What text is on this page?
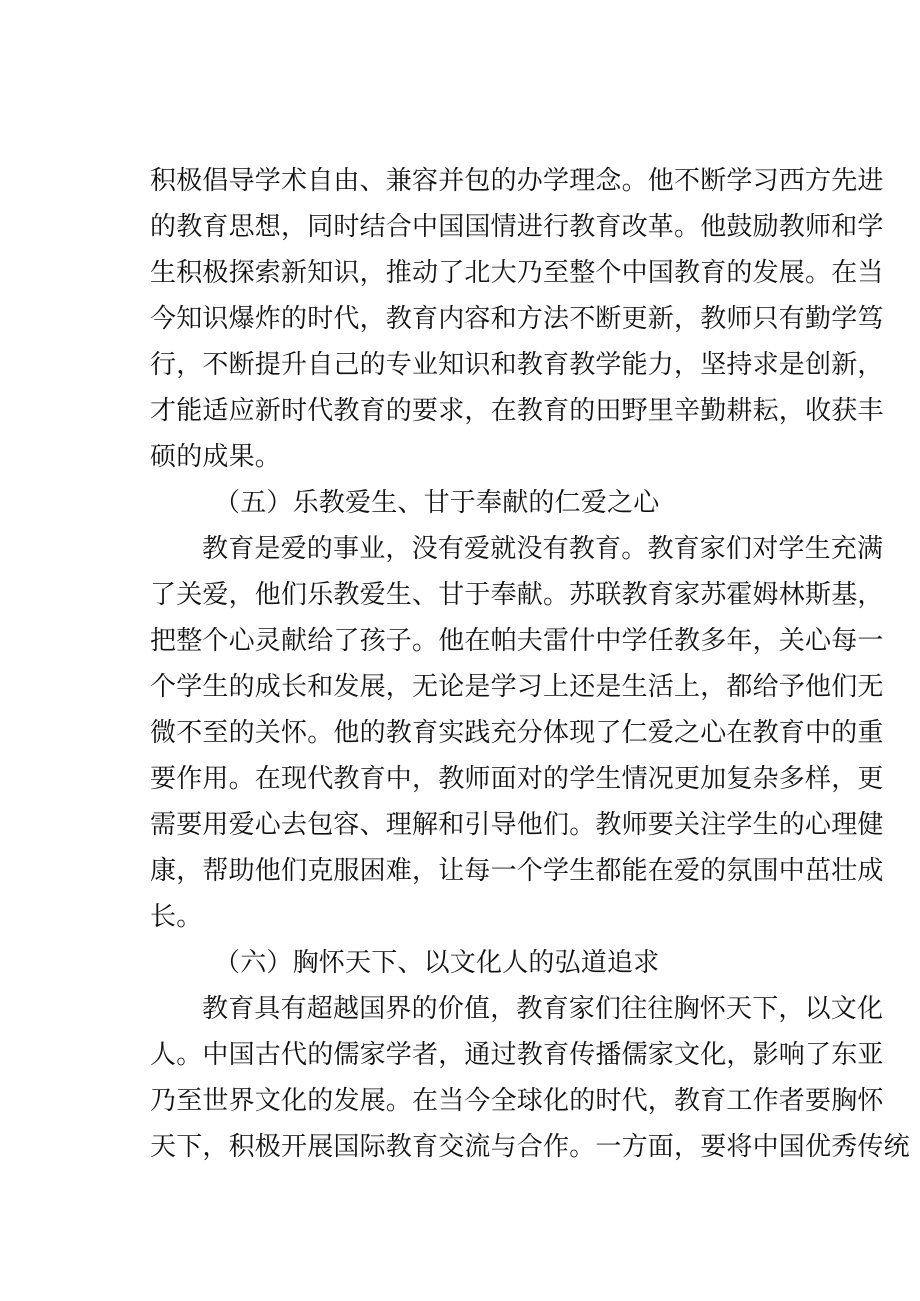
积极倡导学术自由、兼容并包的办学理念。他不断学习西方先进
的教育思想，同时结合中国国情进行教育改革。他鼓励教师和学
生积极探索新知识，推动了北大乃至整个中国教育的发展。在当
今知识爆炸的时代，教育内容和方法不断更新，教师只有勤学笃
行，不断提升自己的专业知识和教育教学能力，坚持求是创新，
才能适应新时代教育的要求，在教育的田野里辛勤耕耘，收获丰
硕的成果。
（五）乐教爱生、甘于奉献的仁爱之心
教育是爱的事业，没有爱就没有教育。教育家们对学生充满
了关爱，他们乐教爱生、甘于奉献。苏联教育家苏霍姆林斯基，
把整个心灵献给了孩子。他在帕夫雷什中学任教多年，关心每一
个学生的成长和发展，无论是学习上还是生活上，都给予他们无
微不至的关怀。他的教育实践充分体现了仁爱之心在教育中的重
要作用。在现代教育中，教师面对的学生情况更加复杂多样，更
需要用爱心去包容、理解和引导他们。教师要关注学生的心理健
康，帮助他们克服困难，让每一个学生都能在爱的氛围中茁壮成
长。
（六）胸怀天下、以文化人的弘道追求
教育具有超越国界的价值，教育家们往往胸怀天下，以文化
人。中国古代的儒家学者，通过教育传播儒家文化，影响了东亚
乃至世界文化的发展。在当今全球化的时代，教育工作者要胸怀
天下，积极开展国际教育交流与合作。一方面，要将中国优秀传统
